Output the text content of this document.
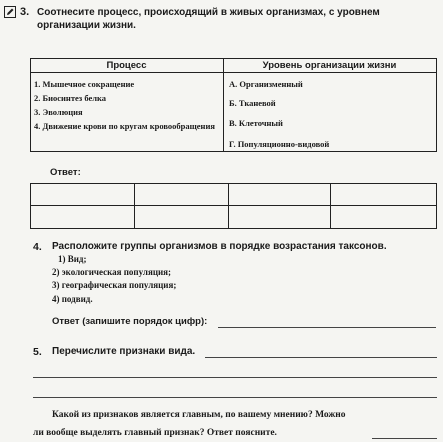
3. Соотнесите процесс, происходящий в живых организмах, с уровнем организации жизни.
Процесс	Уровень организации жизни
1. Мышечное сокращение
2. Биосинтез белка
3. Эволюция
4. Движение крови по кругам кровообращения
А. Организменный
Б. Тканевой
В. Клеточный
Г. Популяционно-видовой
Ответ:
4. Расположите группы организмов в порядке возрастания таксонов.
1) Вид;
2) экологическая популяция;
3) географическая популяция;
4) подвид.
Ответ (запишите порядок цифр):
5. Перечислите признаки вида.
Какой из признаков является главным, по вашему мнению? Можно
ли вообще выделять главный признак? Ответ поясните.
